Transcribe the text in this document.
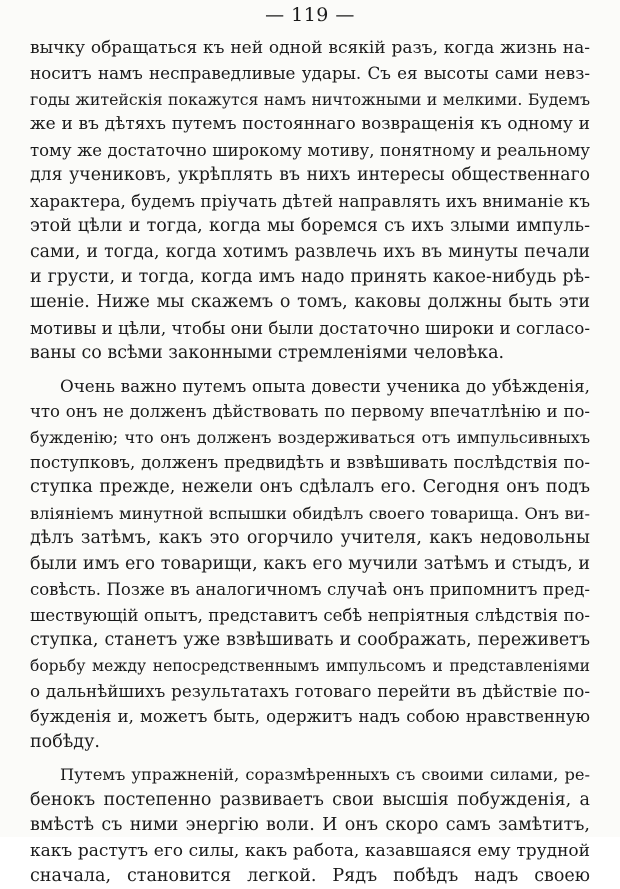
— 119 —
вычку обращаться къ ней одной всякій разъ, когда жизнь на-
носитъ намъ несправедливые удары. Съ ея высоты сами невз-
годы житейскія покажутся намъ ничтожными и мелкими. Будемъ
же и въ дѣтяхъ путемъ постояннаго возвращенія къ одному и
тому же достаточно широкому мотиву, понятному и реальному
для учениковъ, укрѣплять въ нихъ интересы общественнаго
характера, будемъ пріучать дѣтей направлять ихъ вниманіе къ
этой цѣли и тогда, когда мы боремся съ ихъ злыми импуль-
сами, и тогда, когда хотимъ развлечь ихъ въ минуты печали
и грусти, и тогда, когда имъ надо принять какое-нибудь рѣ-
шеніе. Ниже мы скажемъ о томъ, каковы должны быть эти
мотивы и цѣли, чтобы они были достаточно широки и согласо-
ваны со всѣми законными стремленіями человѣка.
Очень важно путемъ опыта довести ученика до убѣжденія,
что онъ не долженъ дѣйствовать по первому впечатлѣнію и по-
бужденію; что онъ долженъ воздерживаться отъ импульсивныхъ
поступковъ, долженъ предвидѣть и взвѣшивать послѣдствія по-
ступка прежде, нежели онъ сдѣлалъ его. Сегодня онъ подъ
вліяніемъ минутной вспышки обидѣлъ своего товарища. Онъ ви-
дѣлъ затѣмъ, какъ это огорчило учителя, какъ недовольны
были имъ его товарищи, какъ его мучили затѣмъ и стыдъ, и
совѣсть. Позже въ аналогичномъ случаѣ онъ припомнитъ пред-
шествующій опытъ, представитъ себѣ непріятныя слѣдствія по-
ступка, станетъ уже взвѣшивать и соображать, переживетъ
борьбу между непосредственнымъ импульсомъ и представленіями
о дальнѣйшихъ результатахъ готоваго перейти въ дѣйствіе по-
бужденія и, можетъ быть, одержитъ надъ собою нравственную
побѣду.
Путемъ упражненій, соразмѣренныхъ съ своими силами, ре-
бенокъ постепенно развиваетъ свои высшія побужденія, а
вмѣстѣ съ ними энергію воли. И онъ скоро самъ замѣтитъ,
какъ растутъ его силы, какъ работа, казавшаяся ему трудной
сначала, становится легкой. Рядъ побѣдъ надъ своею
